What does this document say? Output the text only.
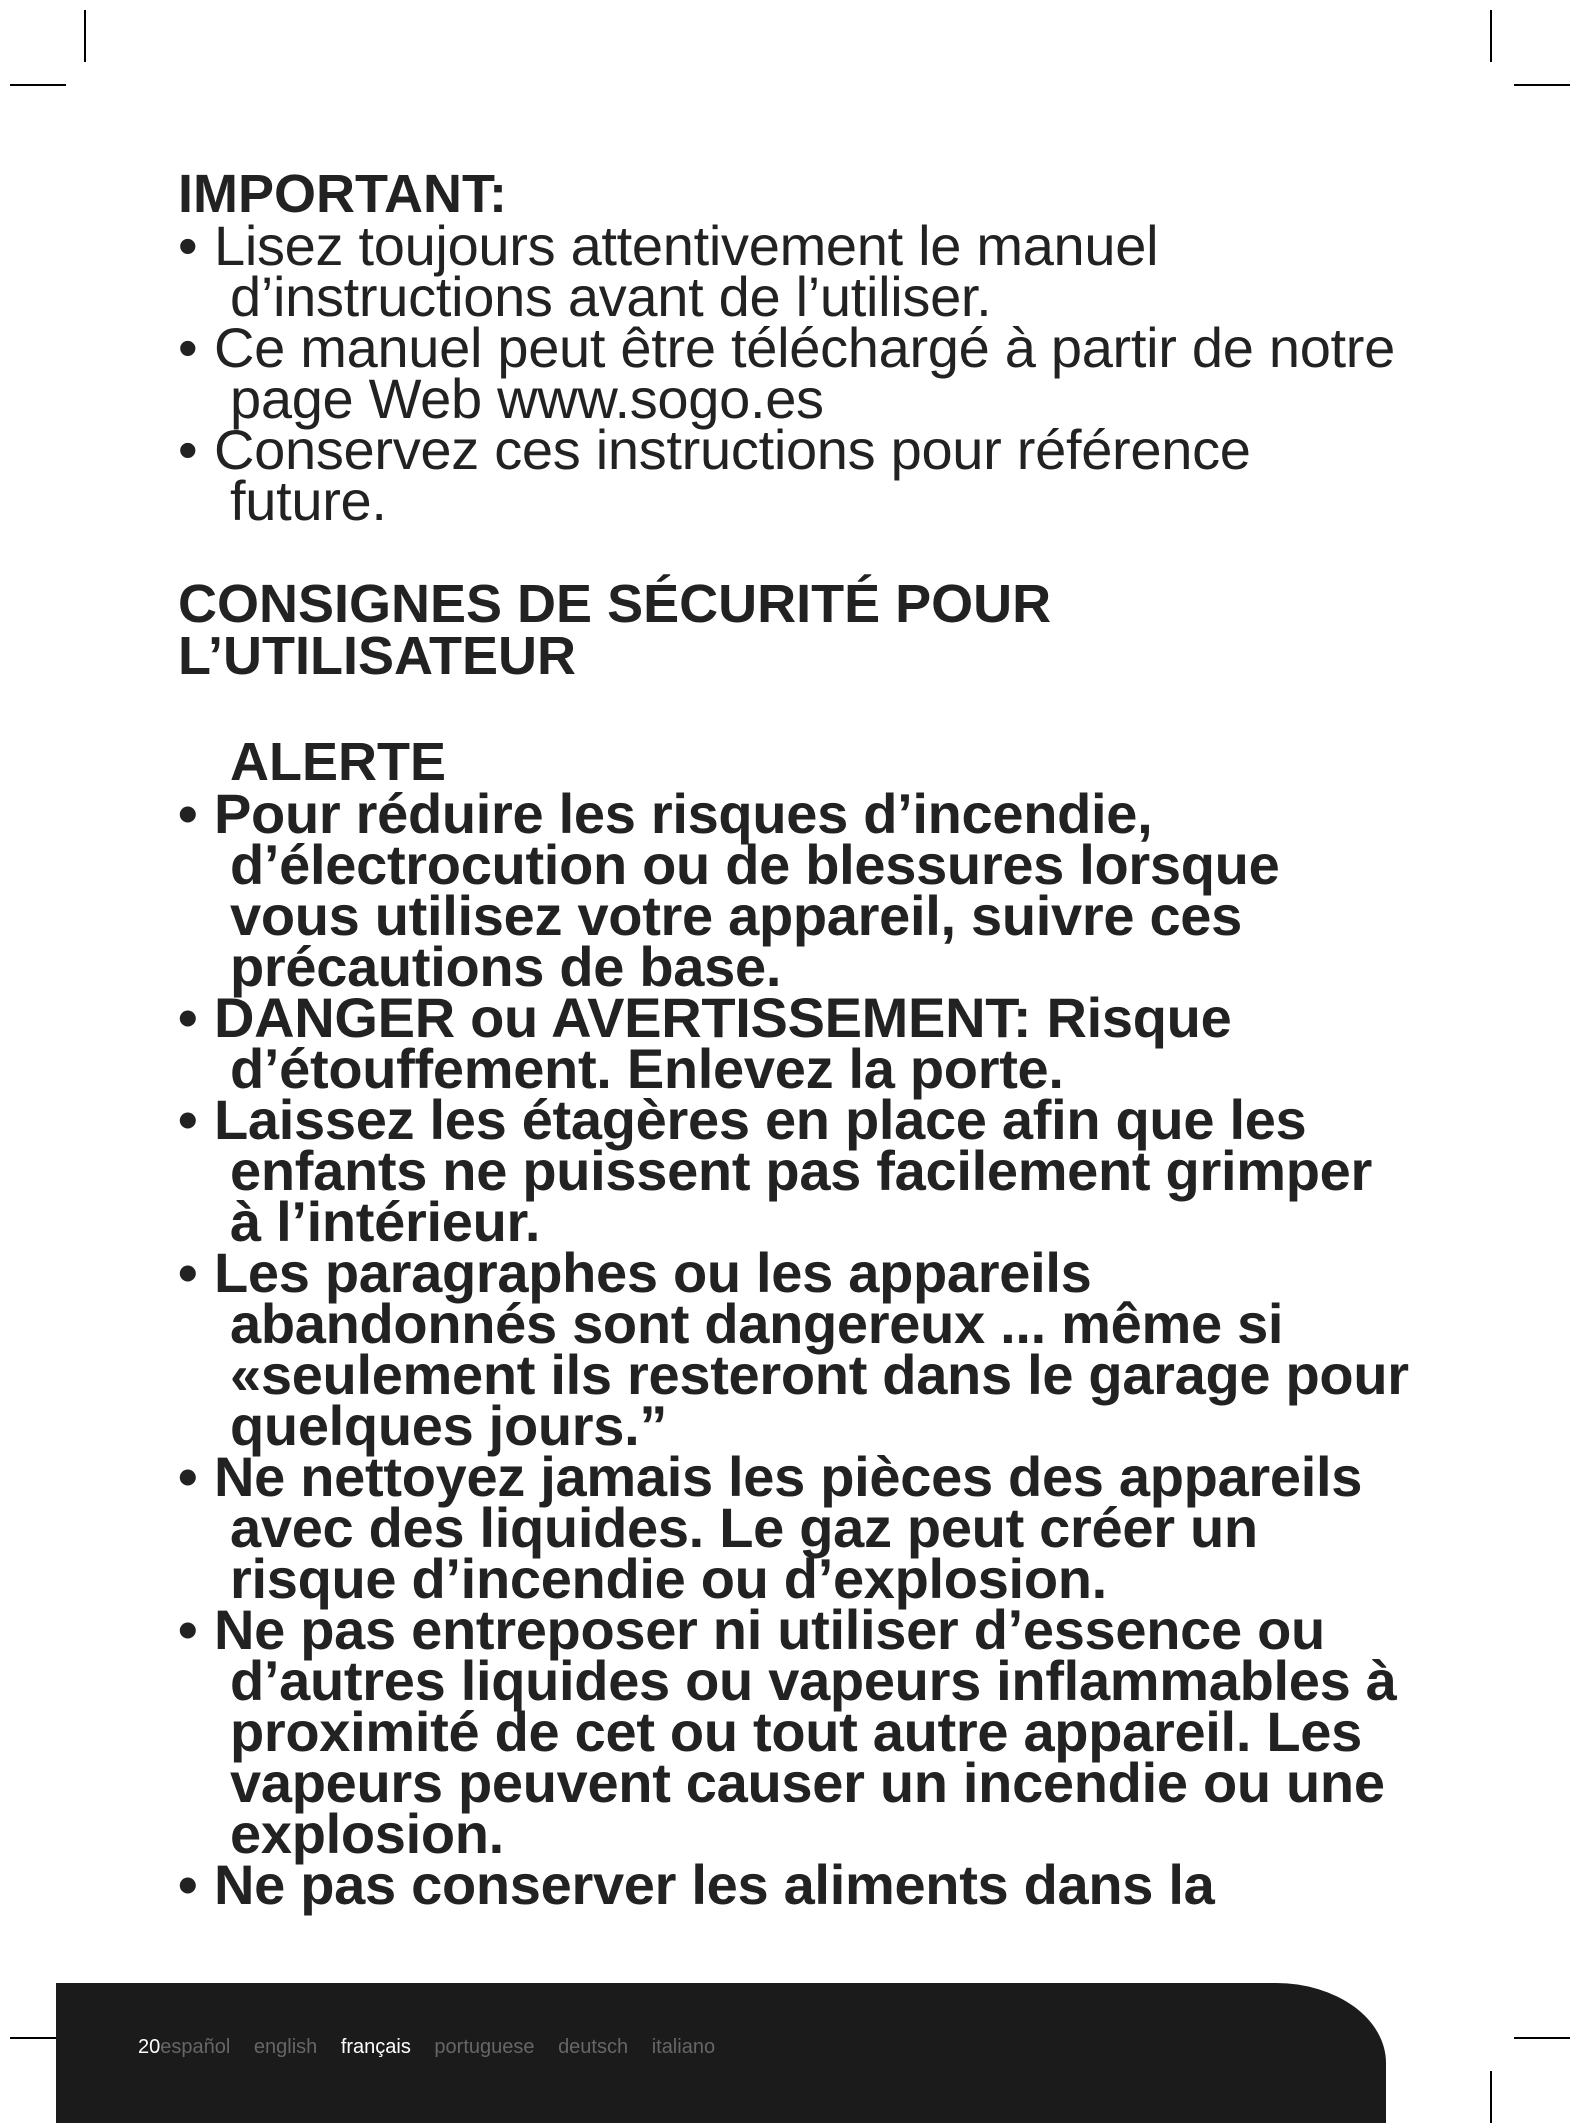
IMPORTANT:
• Lisez toujours attentivement le manuel d’instructions avant de l’utiliser.
• Ce manuel peut être téléchargé à partir de notre page Web www.sogo.es
• Conservez ces instructions pour référence future.
CONSIGNES DE SÉCURITÉ POUR L’UTILISATEUR
ALERTE
• Pour réduire les risques d’incendie, d’électrocution ou de blessures lorsque vous utilisez votre appareil, suivre ces précautions de base.
• DANGER ou AVERTISSEMENT: Risque d’étouffement. Enlevez la porte.
• Laissez les étagères en place afin que les enfants ne puissent pas facilement grimper à l’intérieur.
• Les paragraphes ou les appareils abandonnés sont dangereux ... même si «seulement ils resteront dans le garage pour quelques jours.”
• Ne nettoyez jamais les pièces des appareils avec des liquides. Le gaz peut créer un risque d’incendie ou d’explosion.
• Ne pas entreposer ni utiliser d’essence ou d’autres liquides ou vapeurs inflammables à proximité de cet ou tout autre appareil. Les vapeurs peuvent causer un incendie ou une explosion.
• Ne pas conserver les aliments dans la
20español english français portuguese deutsch italiano
